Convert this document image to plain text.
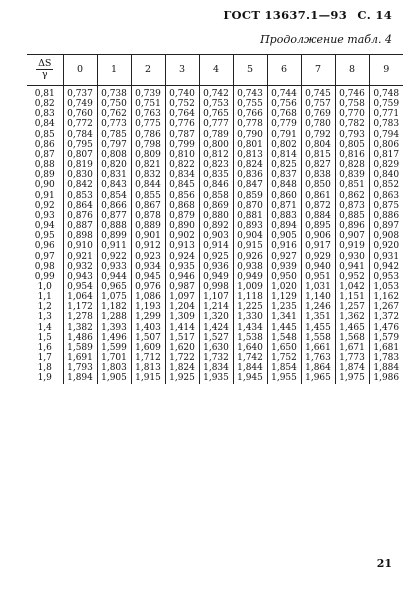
ГОСТ 13637.1—93 С. 14
Продолжение табл. 4
$\frac{\Delta S}{\gamma}$	0	1	2	3	4	5	6	7	8	9
0,81	0,737	0,738	0,739	0,740	0,742	0,743	0,744	0,745	0,746	0,748
0,82	0,749	0,750	0,751	0,752	0,753	0,755	0,756	0,757	0,758	0,759
0,83	0,760	0,762	0,763	0,764	0,765	0,766	0,768	0,769	0,770	0,771
0,84	0,772	0,773	0,775	0,776	0,777	0,778	0,779	0,780	0,782	0,783
0,85	0,784	0,785	0,786	0,787	0,789	0,790	0,791	0,792	0,793	0,794
0,86	0,795	0,797	0,798	0,799	0,800	0,801	0,802	0,804	0,805	0,806
0,87	0,807	0,808	0,809	0,810	0,812	0,813	0,814	0,815	0,816	0,817
0,88	0,819	0,820	0,821	0,822	0,823	0,824	0,825	0,827	0,828	0,829
0,89	0,830	0,831	0,832	0,834	0,835	0,836	0,837	0,838	0,839	0,840
0,90	0,842	0,843	0,844	0,845	0,846	0,847	0,848	0,850	0,851	0,852
0,91	0,853	0,854	0,855	0,856	0,858	0,859	0,860	0,861	0,862	0,863
0,92	0,864	0,866	0,867	0,868	0,869	0,870	0,871	0,872	0,873	0,875
0,93	0,876	0,877	0,878	0,879	0,880	0,881	0,883	0,884	0,885	0,886
0,94	0,887	0,888	0,889	0,890	0,892	0,893	0,894	0,895	0,896	0,897
0,95	0,898	0,899	0,901	0,902	0,903	0,904	0,905	0,906	0,907	0,908
0,96	0,910	0,911	0,912	0,913	0,914	0,915	0,916	0,917	0,919	0,920
0,97	0,921	0,922	0,923	0,924	0,925	0,926	0,927	0,929	0,930	0,931
0,98	0,932	0,933	0,934	0,935	0,936	0,938	0,939	0,940	0,941	0,942
0,99	0,943	0,944	0,945	0,946	0,949	0,949	0,950	0,951	0,952	0,953
1,0	0,954	0,965	0,976	0,987	0,998	1,009	1,020	1,031	1,042	1,053
1,1	1,064	1,075	1,086	1,097	1,107	1,118	1,129	1,140	1,151	1,162
1,2	1,172	1,182	1,193	1,204	1,214	1,225	1,235	1,246	1,257	1,267
1,3	1,278	1,288	1,299	1,309	1,320	1,330	1,341	1,351	1,362	1,372
1,4	1,382	1,393	1,403	1,414	1,424	1,434	1,445	1,455	1,465	1,476
1,5	1,486	1,496	1,507	1,517	1,527	1,538	1,548	1,558	1,568	1,579
1,6	1,589	1,599	1,609	1,620	1,630	1,640	1,650	1,661	1,671	1,681
1,7	1,691	1,701	1,712	1,722	1,732	1,742	1,752	1,763	1,773	1,783
1,8	1,793	1,803	1,813	1,824	1,834	1,844	1,854	1,864	1,874	1,884
1,9	1,894	1,905	1,915	1,925	1,935	1,945	1,955	1,965	1,975	1,986
21
